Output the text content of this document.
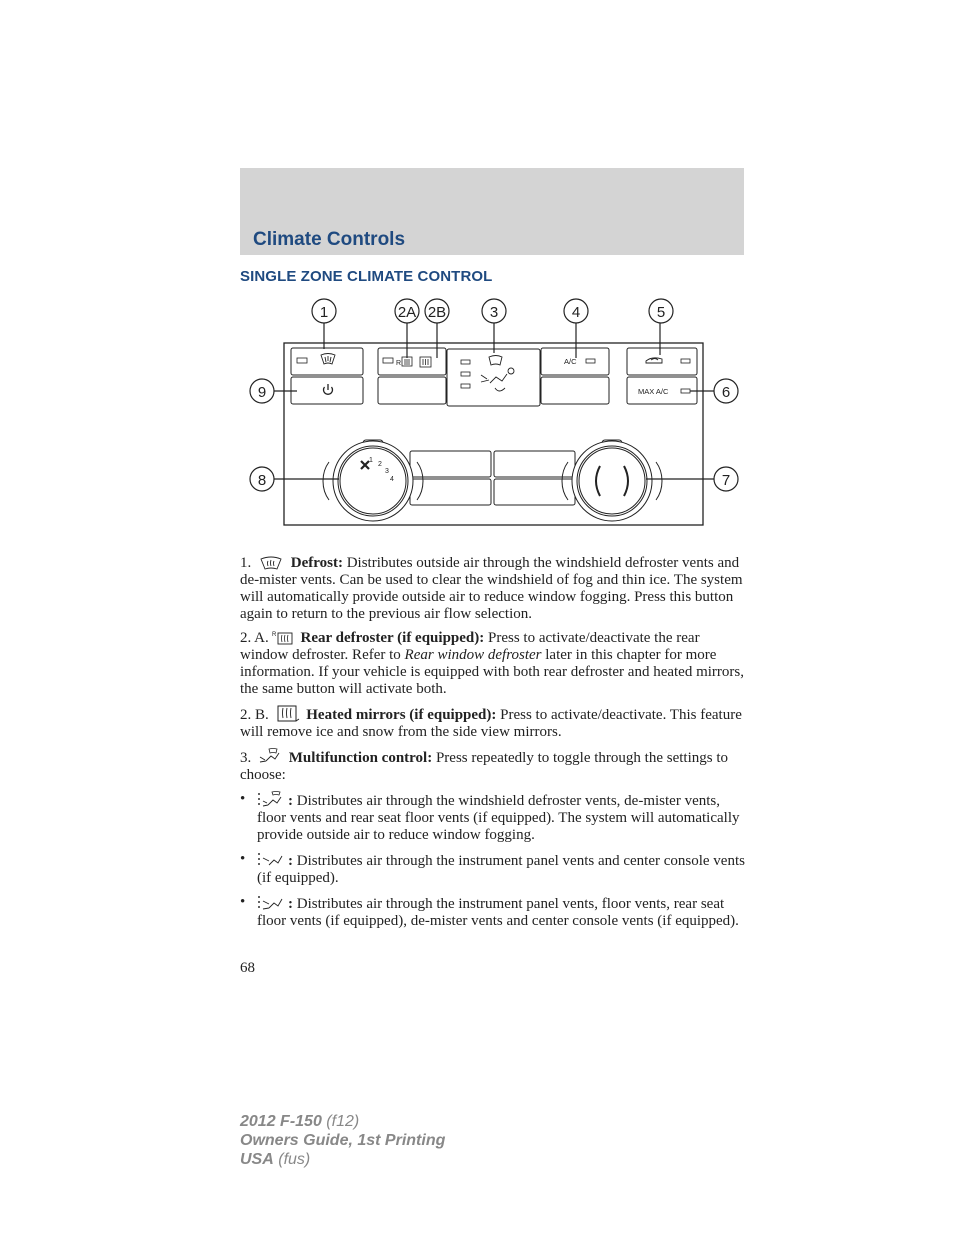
Climate Controls
SINGLE ZONE CLIMATE CONTROL
R	A/C
MAX A/C
1
2
3
4
1	2A 2B	3	4	5
6
7
8
9

1.	Defrost: Distributes outside air through the windshield defroster vents and de-mister vents. Can be used to clear the windshield of fog and thin ice. The system will automatically provide outside air to reduce window fogging. Press this button again to return to the previous air flow selection.

2. A. R Rear defroster (if equipped): Press to activate/deactivate the rear window defroster. Refer to Rear window defroster later in this chapter for more information. If your vehicle is equipped with both rear defroster and heated mirrors, the same button will activate both.

2. B.	Heated mirrors (if equipped): Press to activate/deactivate. This feature will remove ice and snow from the side view mirrors.

3.	Multifunction control: Press repeatedly to toggle through the settings to choose:

•	: Distributes air through the windshield defroster vents, de-mister vents, floor vents and rear seat floor vents (if equipped). The system will automatically provide outside air to reduce window fogging.
•	: Distributes air through the instrument panel vents and center console vents (if equipped).
•	: Distributes air through the instrument panel vents, floor vents, rear seat floor vents (if equipped), de-mister vents and center console vents (if equipped).
68
2012 F-150 (f12)
Owners Guide, 1st Printing
USA (fus)
